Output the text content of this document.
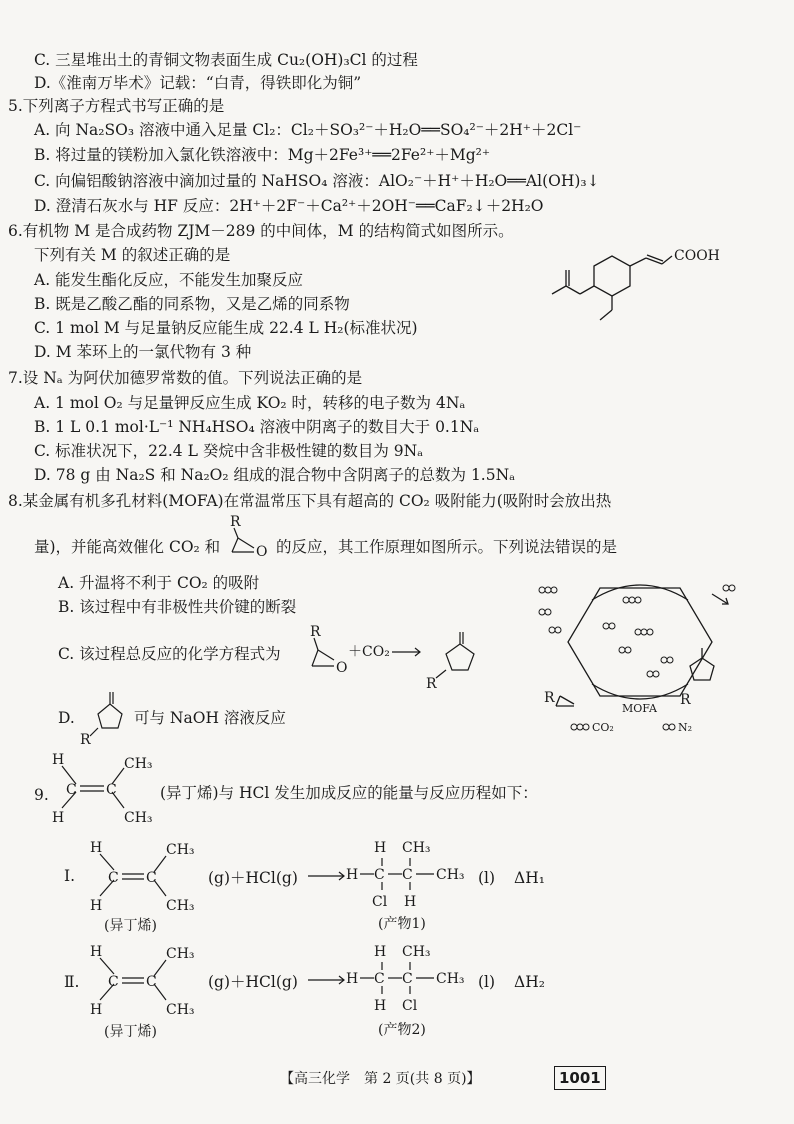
C. 三星堆出土的青铜文物表面生成 Cu₂(OH)₃Cl 的过程
D.《淮南万毕术》记载：“白青，得铁即化为铜”
5.下列离子方程式书写正确的是
A. 向 Na₂SO₃ 溶液中通入足量 Cl₂：Cl₂＋SO₃²⁻＋H₂O══SO₄²⁻＋2H⁺＋2Cl⁻
B. 将过量的镁粉加入氯化铁溶液中：Mg＋2Fe³⁺══2Fe²⁺＋Mg²⁺
C. 向偏铝酸钠溶液中滴加过量的 NaHSO₄ 溶液：AlO₂⁻＋H⁺＋H₂O══Al(OH)₃↓
D. 澄清石灰水与 HF 反应：2H⁺＋2F⁻＋Ca²⁺＋2OH⁻══CaF₂↓＋2H₂O
6.有机物 M 是合成药物 ZJM－289 的中间体，M 的结构简式如图所示。
下列有关 M 的叙述正确的是
A. 能发生酯化反应，不能发生加聚反应
B. 既是乙酸乙酯的同系物，又是乙烯的同系物
C. 1 mol M 与足量钠反应能生成 22.4 L H₂(标准状况)
D. M 苯环上的一氯代物有 3 种
COOH
7.设 Nₐ 为阿伏加德罗常数的值。下列说法正确的是
A. 1 mol O₂ 与足量钾反应生成 KO₂ 时，转移的电子数为 4Nₐ
B. 1 L 0.1 mol·L⁻¹ NH₄HSO₄ 溶液中阴离子的数目大于 0.1Nₐ
C. 标准状况下，22.4 L 癸烷中含非极性键的数目为 9Nₐ
D. 78 g 由 Na₂S 和 Na₂O₂ 组成的混合物中含阴离子的总数为 1.5Nₐ
8.某金属有机多孔材料(MOFA)在常温常压下具有超高的 CO₂ 吸附能力(吸附时会放出热
量)，并能高效催化 CO₂ 和
R
O 的反应，其工作原理如图所示。下列说法错误的是
A. 升温将不利于 CO₂ 的吸附
B. 该过程中有非极性共价键的断裂
C. 该过程总反应的化学方程式为
R
O
＋CO₂
R
D.
R
可与 NaOH 溶液反应
R	R
MOFA
CO₂	N₂
9.
H
H
C C
CH₃
CH₃
(异丁烯)与 HCl 发生加成反应的能量与反应历程如下：
Ⅰ.
H
H
C C
CH₃
CH₃
(异丁烯)
(g)＋HCl(g)
H CH₃
H C C CH₃
Cl H
(产物1)
(l) ΔH₁
Ⅱ.
H
H
C C
CH₃
CH₃
(异丁烯)
(g)＋HCl(g)
H CH₃
H C C CH₃
H Cl
(产物2)
(l) ΔH₂
【高三化学　第 2 页(共 8 页)】	1001
